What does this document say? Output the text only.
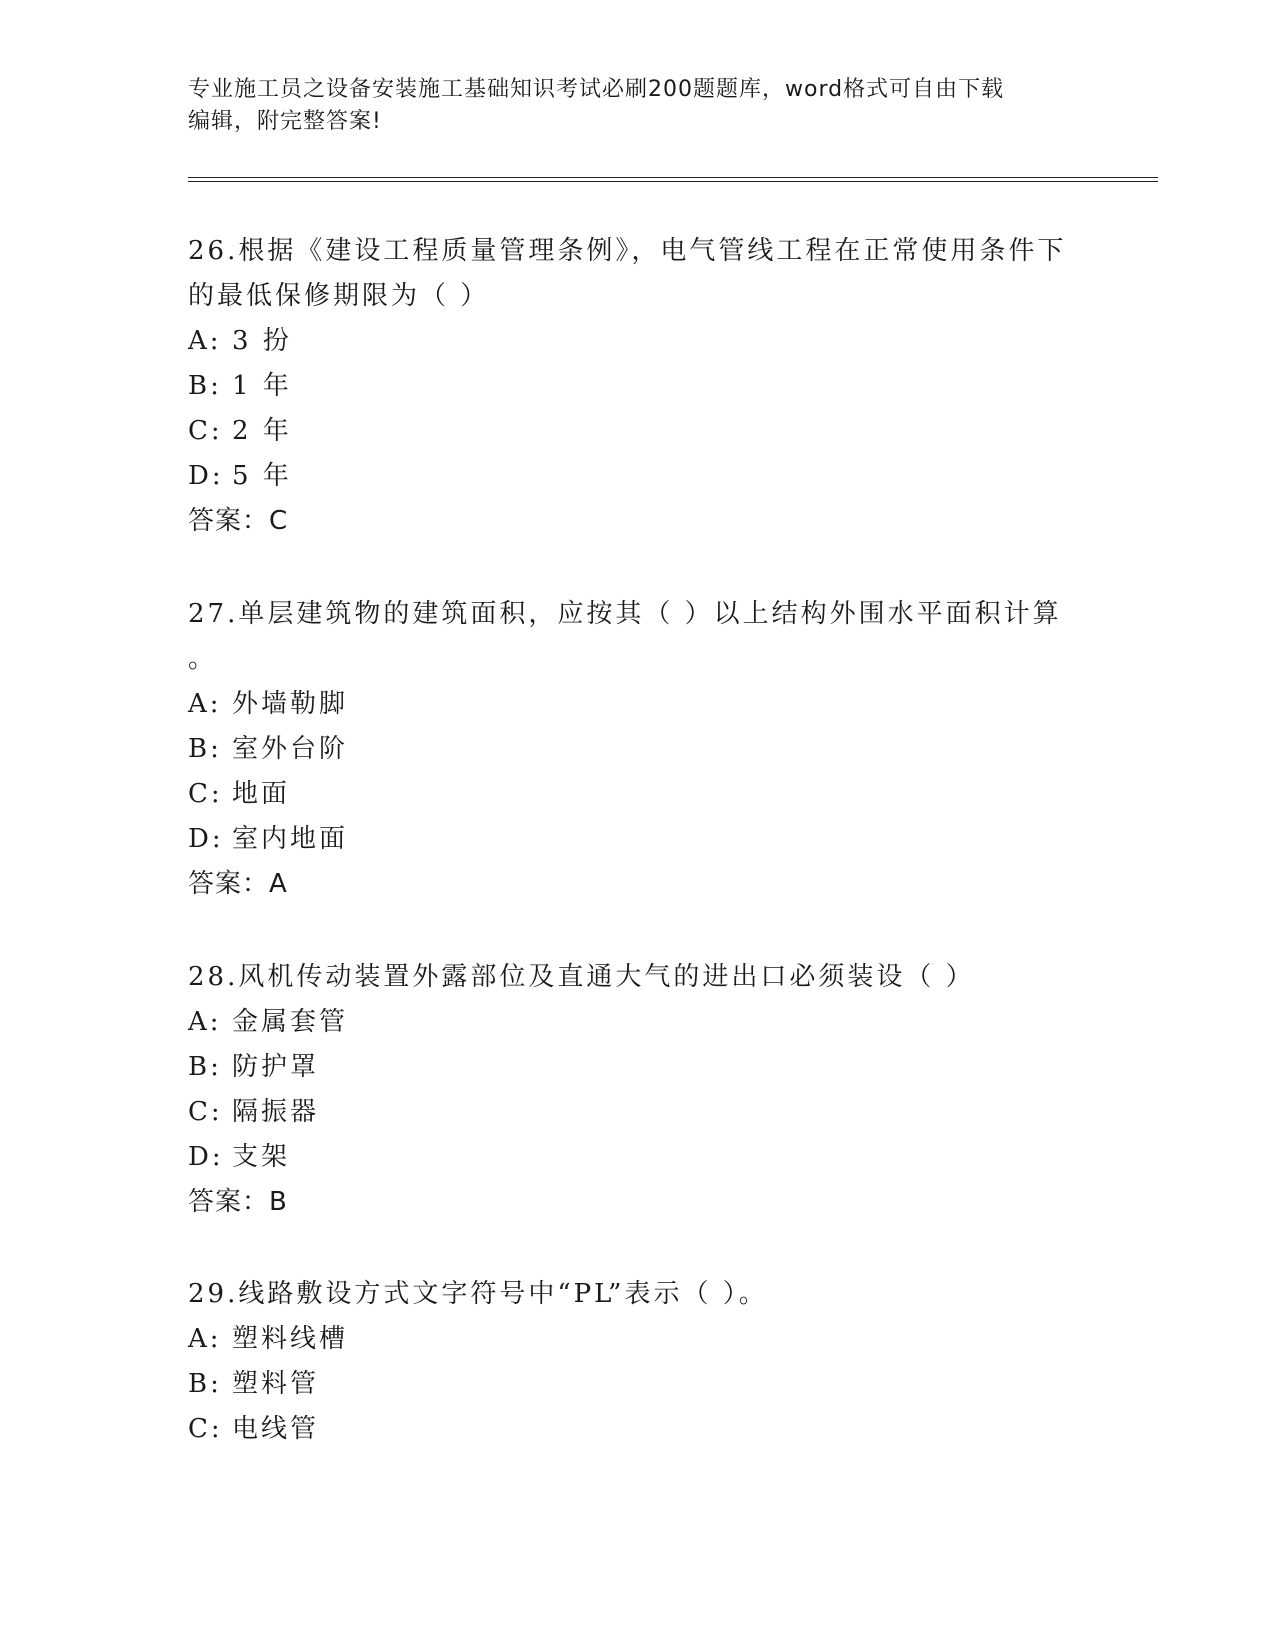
专业施工员之设备安装施工基础知识考试必刷200题题库，word格式可自由下载
编辑，附完整答案!

26.根据《建设工程质量管理条例》，电气管线工程在正常使用条件下

的最低保修期限为（ ）

A: 3 扮

B: 1 年

C: 2 年

D: 5 年

答案：C

27.单层建筑物的建筑面积，应按其（ ）以上结构外围水平面积计算

。

A: 外墙勒脚

B: 室外台阶

C: 地面

D: 室内地面

答案：A

28.风机传动装置外露部位及直通大气的进出口必须装设（ ）

A: 金属套管

B: 防护罩

C: 隔振器

D: 支架

答案：B

29.线路敷设方式文字符号中“PL”表示（ ）。

A: 塑料线槽

B: 塑料管

C: 电线管
